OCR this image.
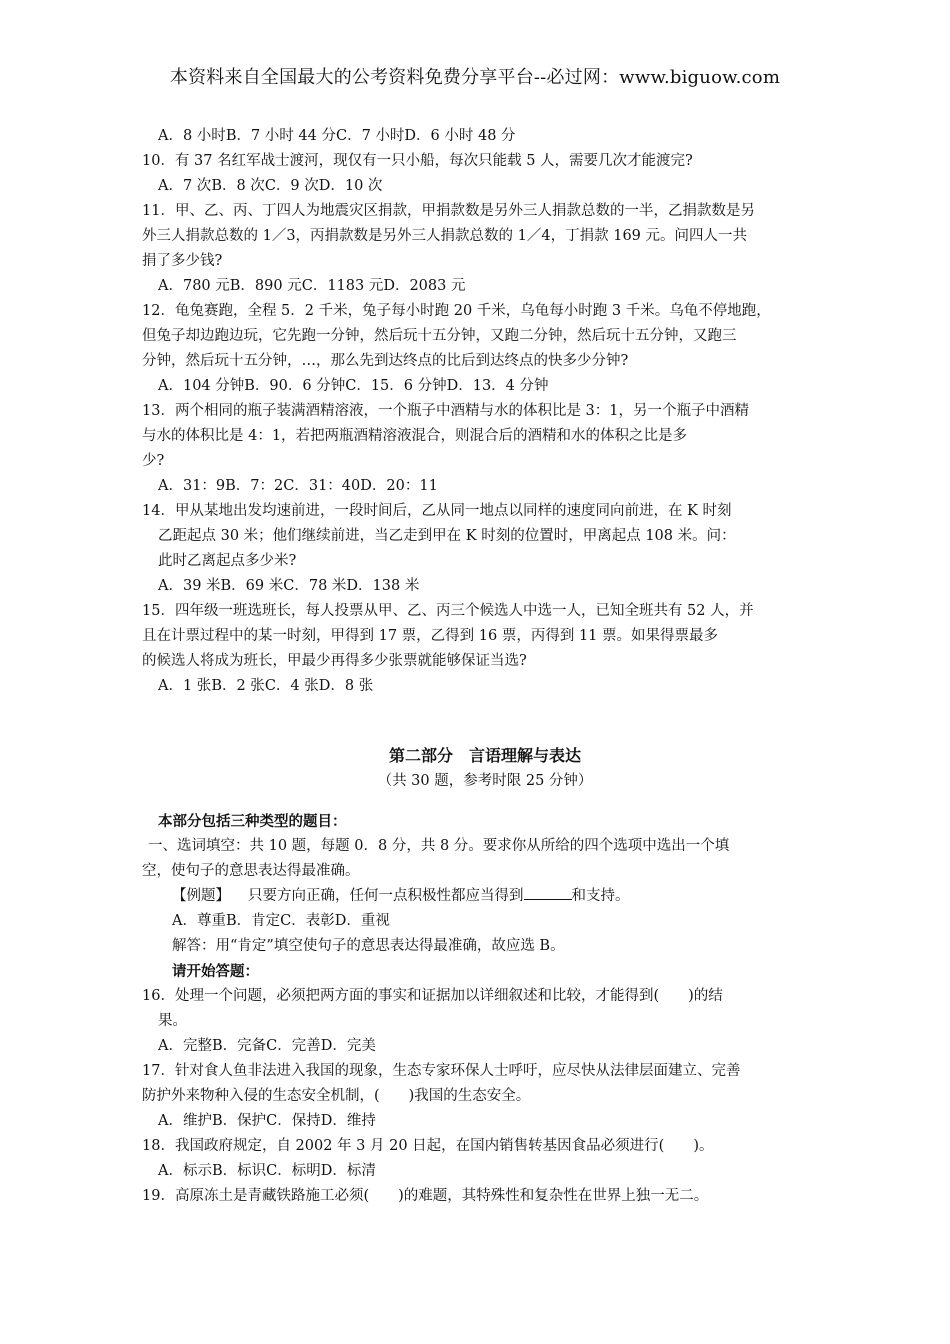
本资料来自全国最大的公考资料免费分享平台--必过网：www.biguow.com
A．8 小时B．7 小时 44 分C．7 小时D．6 小时 48 分
10．有 37 名红军战士渡河，现仅有一只小船，每次只能载 5 人，需要几次才能渡完?
A．7 次B．8 次C．9 次D．10 次
11．甲、乙、丙、丁四人为地震灾区捐款，甲捐款数是另外三人捐款总数的一半，乙捐款数是另
外三人捐款总数的 1／3，丙捐款数是另外三人捐款总数的 1／4，丁捐款 169 元。问四人一共
捐了多少钱?
A．780 元B．890 元C．1183 元D．2083 元
12．龟兔赛跑，全程 5．2 千米，兔子每小时跑 20 千米，乌龟每小时跑 3 千米。乌龟不停地跑，
但兔子却边跑边玩，它先跑一分钟，然后玩十五分钟，又跑二分钟，然后玩十五分钟，又跑三
分钟，然后玩十五分钟，…，那么先到达终点的比后到达终点的快多少分钟?
A．104 分钟B．90．6 分钟C．15．6 分钟D．13．4 分钟
13．两个相同的瓶子装满酒精溶液，一个瓶子中酒精与水的体积比是 3：1，另一个瓶子中酒精
与水的体积比是 4：1，若把两瓶酒精溶液混合，则混合后的酒精和水的体积之比是多
少?
A．31：9B．7：2C．31：40D．20：11
14．甲从某地出发均速前进，一段时间后，乙从同一地点以同样的速度同向前进，在 K 时刻
乙距起点 30 米；他们继续前进，当乙走到甲在 K 时刻的位置时，甲离起点 108 米。问：
此时乙离起点多少米?
A．39 米B．69 米C．78 米D．138 米
15．四年级一班选班长，每人投票从甲、乙、丙三个候选人中选一人，已知全班共有 52 人，并
且在计票过程中的某一时刻，甲得到 17 票，乙得到 16 票，丙得到 11 票。如果得票最多
的候选人将成为班长，甲最少再得多少张票就能够保证当选?
A．1 张B．2 张C．4 张D．8 张
第二部分　言语理解与表达
（共 30 题，参考时限 25 分钟）
本部分包括三种类型的题目：
一、选词填空：共 10 题，每题 0．8 分，共 8 分。要求你从所给的四个选项中选出一个填
空，使句子的意思表达得最准确。
【例题】 只要方向正确，任何一点积极性都应当得到	和支持。
A．尊重B．肯定C．表彰D．重视
解答：用“肯定”填空使句子的意思表达得最准确，故应选 B。
请开始答题：
16．处理一个问题，必须把两方面的事实和证据加以详细叙述和比较，才能得到(　　)的结
果。
A．完整B．完备C．完善D．完美
17．针对食人鱼非法进入我国的现象，生态专家环保人士呼吁，应尽快从法律层面建立、完善
防护外来物种入侵的生态安全机制，(　　)我国的生态安全。
A．维护B．保护C．保持D．维持
18．我国政府规定，自 2002 年 3 月 20 日起，在国内销售转基因食品必须进行(　　)。
A．标示B．标识C．标明D．标清
19．高原冻土是青藏铁路施工必须(　　)的难题，其特殊性和复杂性在世界上独一无二。
